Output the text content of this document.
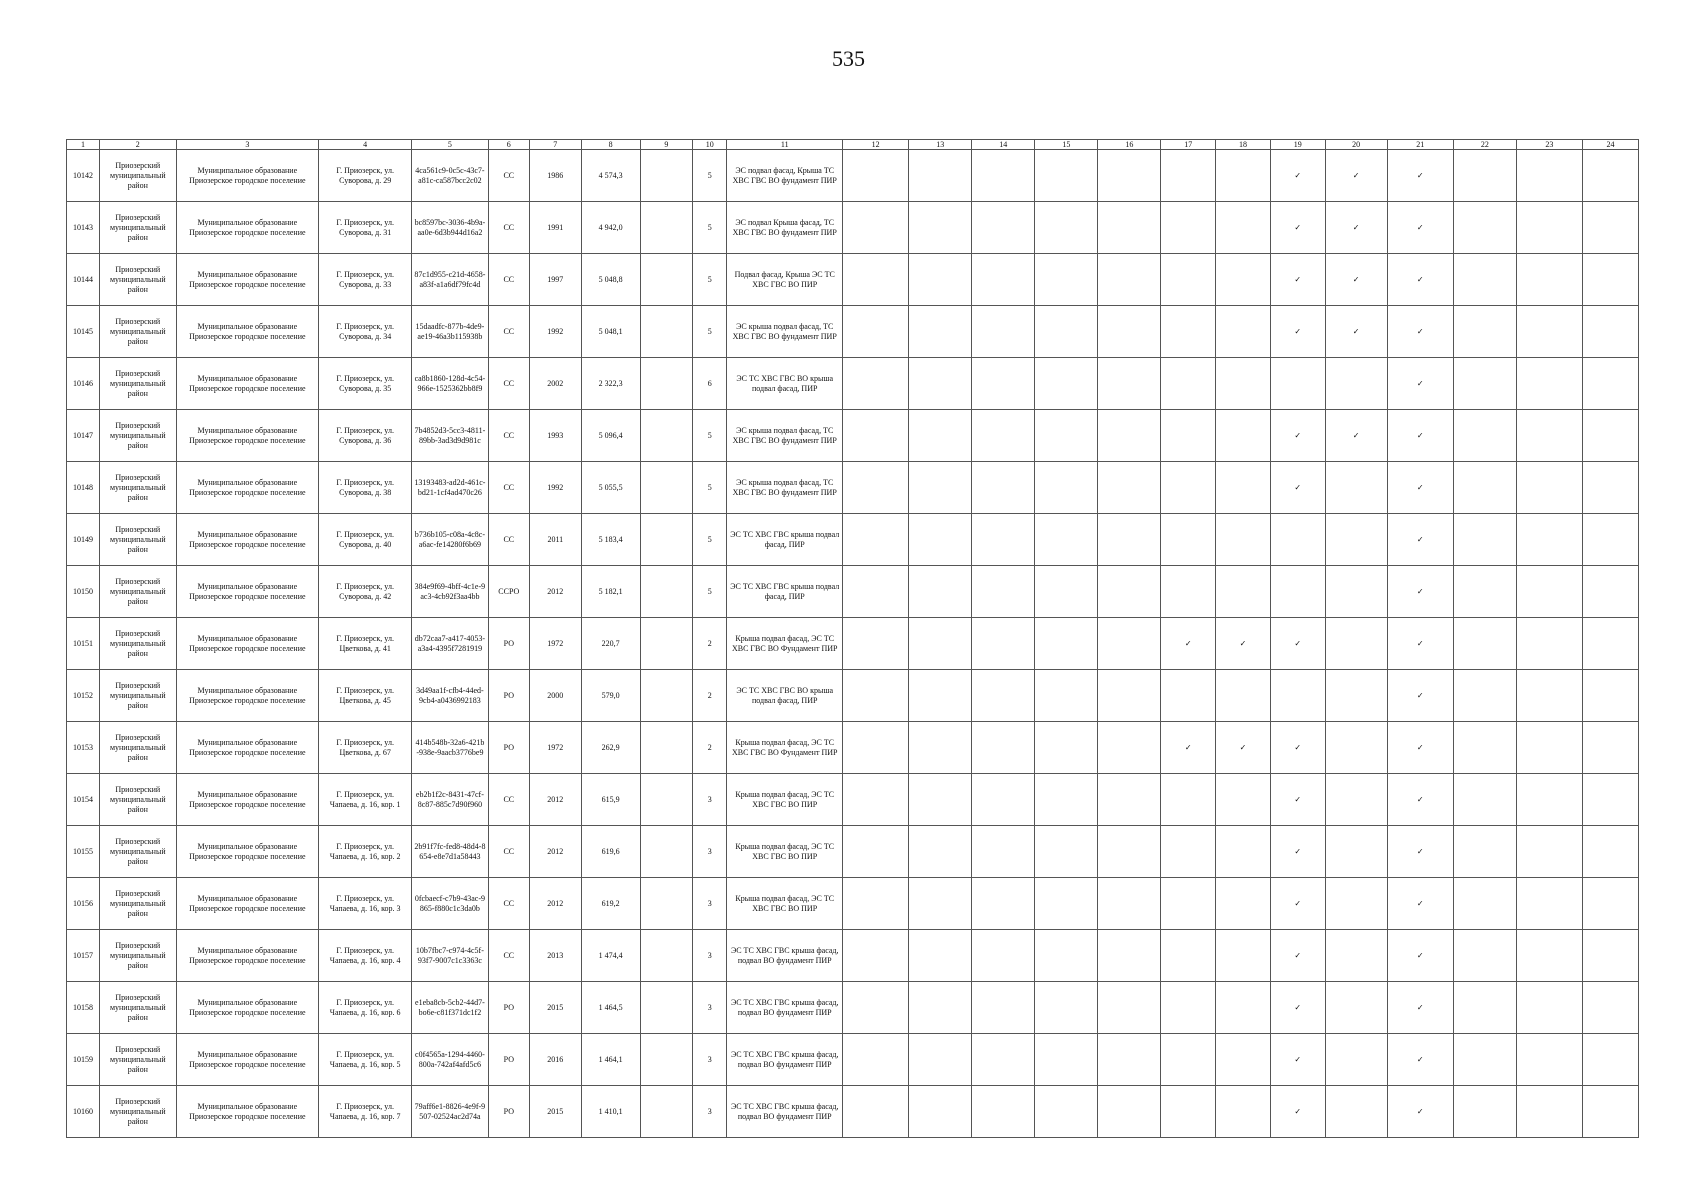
535
1	2	3	4	5	6	7	8	9	10	11	12	13	14	15	16	17	18	19	20	21	22	23	24
10142	Приозерский муниципальный район	Муниципальное образование Приозерское городское поселение	Г. Приозерск, ул. Суворова, д. 29	4ca561c9-0c5c-43c7-a81c-ca587bcc2c02	СС	1986	4 574,3		5	ЭС подвал фасад, Крыша ТС ХВС ГВС ВО фундамент ПИР								✓	✓	✓			
10143	Приозерский муниципальный район	Муниципальное образование Приозерское городское поселение	Г. Приозерск, ул. Суворова, д. 31	bc8597bc-3036-4b9a-aa0e-6d3b944d16a2	СС	1991	4 942,0		5	ЭС подвал Крыша фасад, ТС ХВС ГВС ВО фундамент ПИР								✓	✓	✓			
10144	Приозерский муниципальный район	Муниципальное образование Приозерское городское поселение	Г. Приозерск, ул. Суворова, д. 33	87c1d955-c21d-4658-a83f-a1a6df79fc4d	СС	1997	5 048,8		5	Подвал фасад, Крыша ЭС ТС ХВС ГВС ВО ПИР								✓	✓	✓			
10145	Приозерский муниципальный район	Муниципальное образование Приозерское городское поселение	Г. Приозерск, ул. Суворова, д. 34	15daadfc-877b-4de9-ae19-46a3b115938b	СС	1992	5 048,1		5	ЭС крыша подвал фасад, ТС ХВС ГВС ВО фундамент ПИР								✓	✓	✓			
10146	Приозерский муниципальный район	Муниципальное образование Приозерское городское поселение	Г. Приозерск, ул. Суворова, д. 35	ca8b1860-128d-4c54-966e-1525362bb8f9	СС	2002	2 322,3		6	ЭС ТС ХВС ГВС ВО крыша подвал фасад, ПИР										✓			
10147	Приозерский муниципальный район	Муниципальное образование Приозерское городское поселение	Г. Приозерск, ул. Суворова, д. 36	7b4852d3-5cc3-4811-89bb-3ad3d9d981c	СС	1993	5 096,4		5	ЭС крыша подвал фасад, ТС ХВС ГВС ВО фундамент ПИР								✓	✓	✓			
10148	Приозерский муниципальный район	Муниципальное образование Приозерское городское поселение	Г. Приозерск, ул. Суворова, д. 38	13193483-ad2d-461c-bd21-1cf4ad470c26	СС	1992	5 055,5		5	ЭС крыша подвал фасад, ТС ХВС ГВС ВО фундамент ПИР								✓		✓			
10149	Приозерский муниципальный район	Муниципальное образование Приозерское городское поселение	Г. Приозерск, ул. Суворова, д. 40	b736b105-c08a-4c8c-a6ac-fe14280f6b69	СС	2011	5 183,4		5	ЭС ТС ХВС ГВС крыша подвал фасад, ПИР										✓			
10150	Приозерский муниципальный район	Муниципальное образование Приозерское городское поселение	Г. Приозерск, ул. Суворова, д. 42	384e9f69-4bff-4c1e-9ac3-4cb92f3aa4bb	ССРО	2012	5 182,1		5	ЭС ТС ХВС ГВС крыша подвал фасад, ПИР										✓			
10151	Приозерский муниципальный район	Муниципальное образование Приозерское городское поселение	Г. Приозерск, ул. Цветкова, д. 41	db72caa7-a417-4053-a3a4-4395f7281919	РО	1972	220,7		2	Крыша подвал фасад, ЭС ТС ХВС ГВС ВО Фундамент ПИР						✓	✓	✓		✓			
10152	Приозерский муниципальный район	Муниципальное образование Приозерское городское поселение	Г. Приозерск, ул. Цветкова, д. 45	3d49aa1f-cfb4-44ed-9cb4-a0436992183	РО	2000	579,0		2	ЭС ТС ХВС ГВС ВО крыша подвал фасад, ПИР										✓			
10153	Приозерский муниципальный район	Муниципальное образование Приозерское городское поселение	Г. Приозерск, ул. Цветкова, д. 67	414b548b-32a6-421b-938e-9aacb3776be9	РО	1972	262,9		2	Крыша подвал фасад, ЭС ТС ХВС ГВС ВО Фундамент ПИР						✓	✓	✓		✓			
10154	Приозерский муниципальный район	Муниципальное образование Приозерское городское поселение	Г. Приозерск, ул. Чапаева, д. 16, кор. 1	eb2b1f2c-8431-47cf-8c87-885c7d90f960	СС	2012	615,9		3	Крыша подвал фасад, ЭС ТС ХВС ГВС ВО ПИР								✓		✓			
10155	Приозерский муниципальный район	Муниципальное образование Приозерское городское поселение	Г. Приозерск, ул. Чапаева, д. 16, кор. 2	2b91f7fc-fed8-48d4-8654-e8e7d1a58443	СС	2012	619,6		3	Крыша подвал фасад, ЭС ТС ХВС ГВС ВО ПИР								✓		✓			
10156	Приозерский муниципальный район	Муниципальное образование Приозерское городское поселение	Г. Приозерск, ул. Чапаева, д. 16, кор. 3	0fcbaecf-c7b9-43ac-9865-f880c1c3da0b	СС	2012	619,2		3	Крыша подвал фасад, ЭС ТС ХВС ГВС ВО ПИР								✓		✓			
10157	Приозерский муниципальный район	Муниципальное образование Приозерское городское поселение	Г. Приозерск, ул. Чапаева, д. 16, кор. 4	10b7fbc7-c974-4c5f-93f7-9007c1c3363c	СС	2013	1 474,4		3	ЭС ТС ХВС ГВС крыша фасад, подвал ВО фундамент ПИР								✓		✓			
10158	Приозерский муниципальный район	Муниципальное образование Приозерское городское поселение	Г. Приозерск, ул. Чапаева, д. 16, кор. 6	e1eba8cb-5cb2-44d7-bo6e-c81f371dc1f2	РО	2015	1 464,5		3	ЭС ТС ХВС ГВС крыша фасад, подвал ВО фундамент ПИР								✓		✓			
10159	Приозерский муниципальный район	Муниципальное образование Приозерское городское поселение	Г. Приозерск, ул. Чапаева, д. 16, кор. 5	c0f4565a-1294-4460-800a-742af4afd5c6	РО	2016	1 464,1		3	ЭС ТС ХВС ГВС крыша фасад, подвал ВО фундамент ПИР								✓		✓			
10160	Приозерский муниципальный район	Муниципальное образование Приозерское городское поселение	Г. Приозерск, ул. Чапаева, д. 16, кор. 7	79aff6e1-8826-4e9f-9507-02524ac2d74a	РО	2015	1 410,1		3	ЭС ТС ХВС ГВС крыша фасад, подвал ВО фундамент ПИР								✓		✓			
